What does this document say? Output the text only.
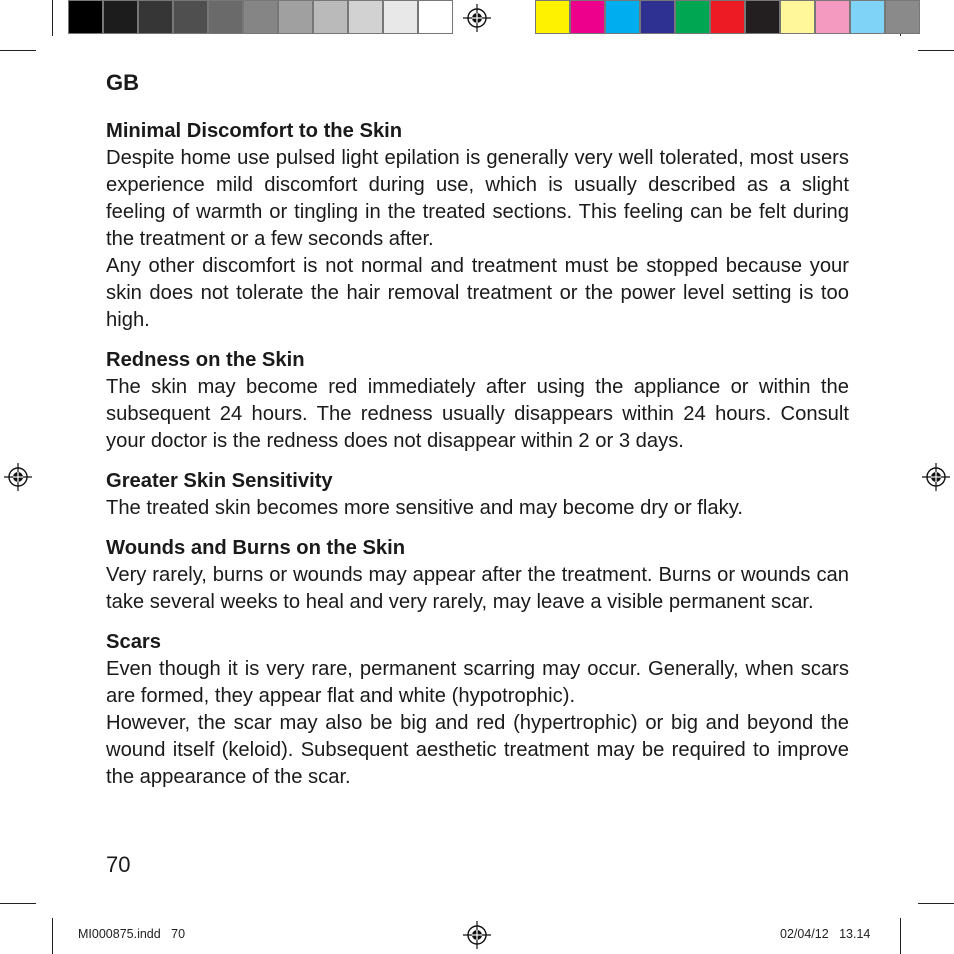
GB
Minimal Discomfort to the Skin

Despite home use pulsed light epilation is generally very well tolerated, most users experience mild discomfort during use, which is usually described as a slight feeling of warmth or tingling in the treated sections. This feeling can be felt during the treatment or a few seconds after.

Any other discomfort is not normal and treatment must be stopped because your skin does not tolerate the hair removal treatment or the power level setting is too high.

Redness on the Skin

The skin may become red immediately after using the appliance or within the subsequent 24 hours. The redness usually disappears within 24 hours. Consult your doctor is the redness does not disappear within 2 or 3 days.

Greater Skin Sensitivity

The treated skin becomes more sensitive and may become dry or flaky.

Wounds and Burns on the Skin

Very rarely, burns or wounds may appear after the treatment. Burns or wounds can take several weeks to heal and very rarely, may leave a visible permanent scar.

Scars

Even though it is very rare, permanent scarring may occur. Generally, when scars are formed, they appear flat and white (hypotrophic).

However, the scar may also be big and red (hypertrophic) or big and beyond the wound itself (keloid). Subsequent aesthetic treatment may be required to improve the appearance of the scar.

70
MI000875.indd   70	02/04/12   13.14
